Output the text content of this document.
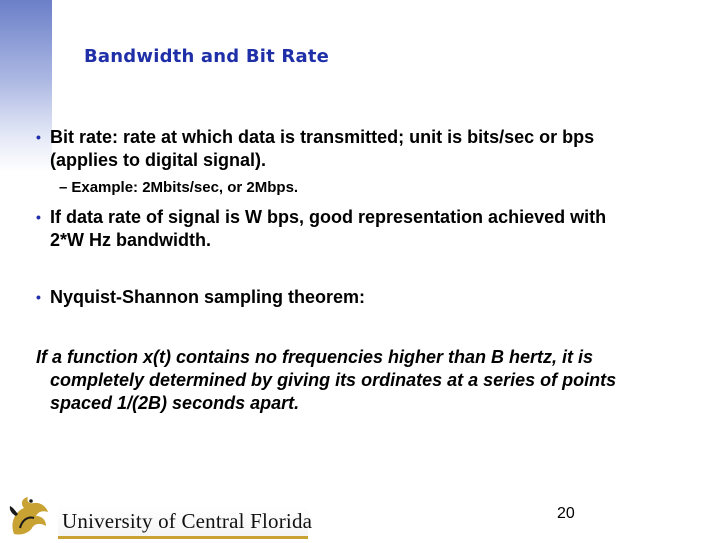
Bandwidth and Bit Rate
• Bit rate: rate at which data is transmitted; unit is bits/sec or bps
(applies to digital signal).
– Example: 2Mbits/sec, or 2Mbps.
• If data rate of signal is W bps, good representation achieved with
2*W Hz bandwidth.
• Nyquist-Shannon sampling theorem:
If a function x(t) contains no frequencies higher than B hertz, it is
completely determined by giving its ordinates at a series of points
spaced 1/(2B) seconds apart.
University of Central Florida	20
